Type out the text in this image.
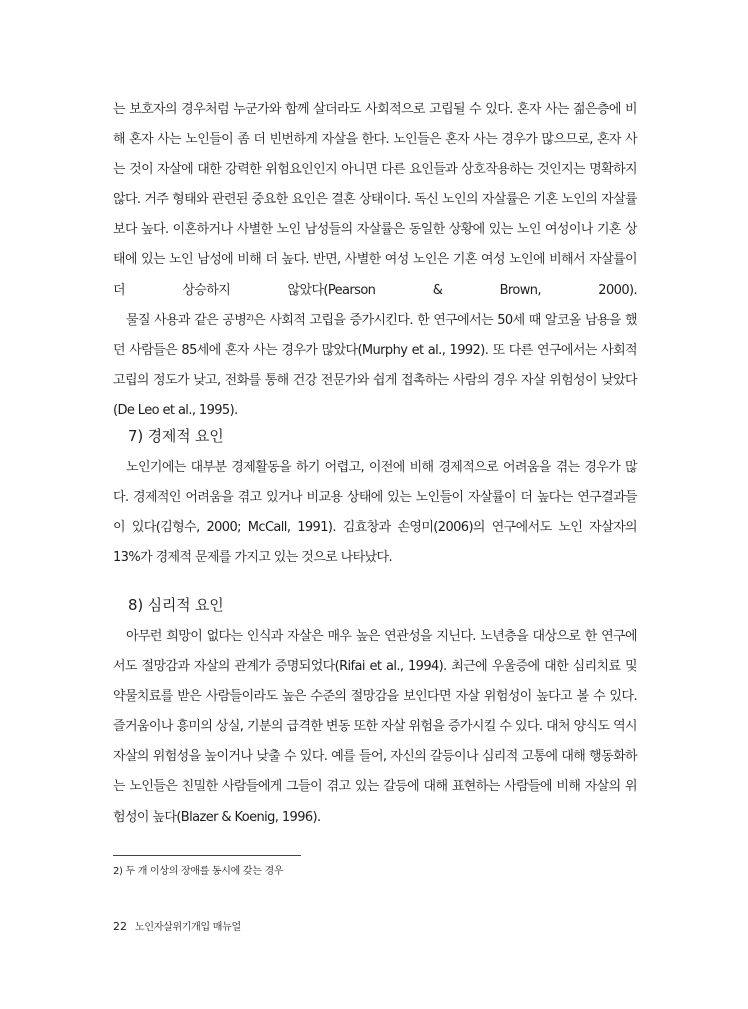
는 보호자의 경우처럼 누군가와 함께 살더라도 사회적으로 고립될 수 있다. 혼자 사는 젊은층에 비해 혼자 사는 노인들이 좀 더 빈번하게 자살을 한다. 노인들은 혼자 사는 경우가 많으므로, 혼자 사는 것이 자살에 대한 강력한 위험요인인지 아니면 다른 요인들과 상호작용하는 것인지는 명확하지 않다. 거주 형태와 관련된 중요한 요인은 결혼 상태이다. 독신 노인의 자살률은 기혼 노인의 자살률보다 높다. 이혼하거나 사별한 노인 남성들의 자살률은 동일한 상황에 있는 노인 여성이나 기혼 상태에 있는 노인 남성에 비해 더 높다. 반면, 사별한 여성 노인은 기혼 여성 노인에 비해서 자살률이 더 상승하지 않았다(Pearson & Brown, 2000).

물질 사용과 같은 공병$^{2)}$은 사회적 고립을 증가시킨다. 한 연구에서는 50세 때 알코올 남용을 했던 사람들은 85세에 혼자 사는 경우가 많았다(Murphy et al., 1992). 또 다른 연구에서는 사회적 고립의 정도가 낮고, 전화를 통해 건강 전문가와 쉽게 접촉하는 사람의 경우 자살 위험성이 낮았다(De Leo et al., 1995).

7) 경제적 요인

노인기에는 대부분 경제활동을 하기 어렵고, 이전에 비해 경제적으로 어려움을 겪는 경우가 많다. 경제적인 어려움을 겪고 있거나 비교용 상태에 있는 노인들이 자살률이 더 높다는 연구결과들이 있다(김형수, 2000; McCall, 1991). 김효창과 손영미(2006)의 연구에서도 노인 자살자의 13%가 경제적 문제를 가지고 있는 것으로 나타났다.

8) 심리적 요인

아무런 희망이 없다는 인식과 자살은 매우 높은 연관성을 지닌다. 노년층을 대상으로 한 연구에서도 절망감과 자살의 관계가 증명되었다(Rifai et al., 1994). 최근에 우울증에 대한 심리치료 및 약물치료를 받은 사람들이라도 높은 수준의 절망감을 보인다면 자살 위험성이 높다고 볼 수 있다. 즐거움이나 흥미의 상실, 기분의 급격한 변동 또한 자살 위험을 증가시킬 수 있다. 대처 양식도 역시 자살의 위험성을 높이거나 낮출 수 있다. 예를 들어, 자신의 갈등이나 심리적 고통에 대해 행동화하는 노인들은 친밀한 사람들에게 그들이 겪고 있는 갈등에 대해 표현하는 사람들에 비해 자살의 위험성이 높다(Blazer & Koenig, 1996).

2) 두 개 이상의 장애를 동시에 갖는 경우

22 노인자살위기개입 매뉴얼
